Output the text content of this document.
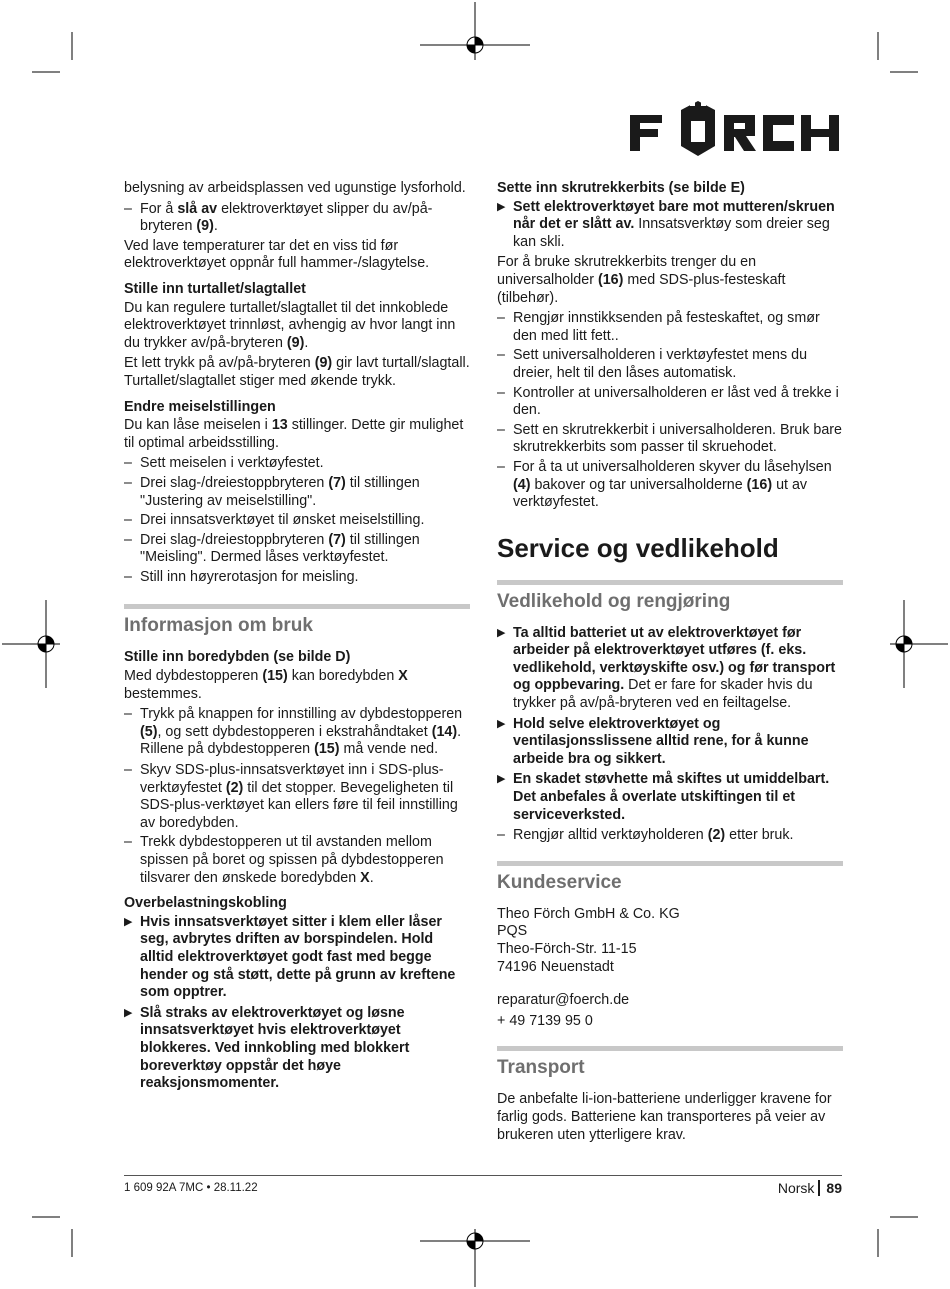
belysning av arbeidsplassen ved ugunstige lysforhold.

– For å slå av elektroverktøyet slipper du av/på-bryteren (9).

Ved lave temperaturer tar det en viss tid før elektroverktøyet oppnår full hammer-/slagytelse.

Stille inn turtallet/slagtallet

Du kan regulere turtallet/slagtallet til det innkoblede elektroverktøyet trinnløst, avhengig av hvor langt inn du trykker av/på-bryteren (9).

Et lett trykk på av/på-bryteren (9) gir lavt turtall/slagtall. Turtallet/slagtallet stiger med økende trykk.

Endre meiselstillingen

Du kan låse meiselen i 13 stillinger. Dette gir mulighet til optimal arbeidsstilling.

– Sett meiselen i verktøyfestet.

– Drei slag-/dreiestoppbryteren (7) til stillingen "Justering av meiselstilling".

– Drei innsatsverktøyet til ønsket meiselstilling.

– Drei slag-/dreiestoppbryteren (7) til stillingen "Meisling". Dermed låses verktøyfestet.

– Still inn høyrerotasjon for meisling.

Informasjon om bruk

Stille inn boredybden (se bilde D)

Med dybdestopperen (15) kan boredybden X bestemmes.

– Trykk på knappen for innstilling av dybdestopperen (5), og sett dybdestopperen i ekstrahåndtaket (14).

Rillene på dybdestopperen (15) må vende ned.

– Skyv SDS-plus-innsatsverktøyet inn i SDS-plus-verktøyfestet (2) til det stopper. Bevegeligheten til SDS-plus-verktøyet kan ellers føre til feil innstilling av boredybden.

– Trekk dybdestopperen ut til avstanden mellom spissen på boret og spissen på dybdestopperen tilsvarer den ønskede boredybden X.

Overbelastningskobling

▶ Hvis innsatsverktøyet sitter i klem eller låser seg, avbrytes driften av borspindelen. Hold alltid elektroverktøyet godt fast med begge hender og stå støtt, dette på grunn av kreftene som opptrer.

▶ Slå straks av elektroverktøyet og løsne innsatsverktøyet hvis elektroverktøyet blokkeres. Ved innkobling med blokkert boreverktøy oppstår det høye reaksjonsmomenter.

Sette inn skrutrekkerbits (se bilde E)

▶ Sett elektroverktøyet bare mot mutteren/skruen når det er slått av. Innsatsverktøy som dreier seg kan skli.

For å bruke skrutrekkerbits trenger du en universalholder (16) med SDS-plus-festeskaft (tilbehør).

– Rengjør innstikksenden på festeskaftet, og smør den med litt fett..

– Sett universalholderen i verktøyfestet mens du dreier, helt til den låses automatisk.

– Kontroller at universalholderen er låst ved å trekke i den.

– Sett en skrutrekkerbit i universalholderen. Bruk bare skrutrekkerbits som passer til skruehodet.

– For å ta ut universalholderen skyver du låsehylsen (4) bakover og tar universalholderne (16) ut av verktøyfestet.

Service og vedlikehold
Vedlikehold og rengjøring

▶ Ta alltid batteriet ut av elektroverktøyet før arbeider på elektroverktøyet utføres (f. eks. vedlikehold, verktøyskifte osv.) og før transport og oppbevaring. Det er fare for skader hvis du trykker på av/på-bryteren ved en feiltagelse.

▶ Hold selve elektroverktøyet og ventilasjonsslissene alltid rene, for å kunne arbeide bra og sikkert.

▶ En skadet støvhette må skiftes ut umiddelbart. Det anbefales å overlate utskiftingen til et serviceverksted.

– Rengjør alltid verktøyholderen (2) etter bruk.

Kundeservice

Theo Förch GmbH & Co. KG

PQS

Theo-Förch-Str. 11-15

74196 Neuenstadt

reparatur@foerch.de

+ 49 7139 95 0

Transport

De anbefalte li-ion-batteriene underligger kravene for farlig gods. Batteriene kan transporteres på veier av brukeren uten ytterligere krav.

1 609 92A 7MC • 28.11.22	Norsk 89
